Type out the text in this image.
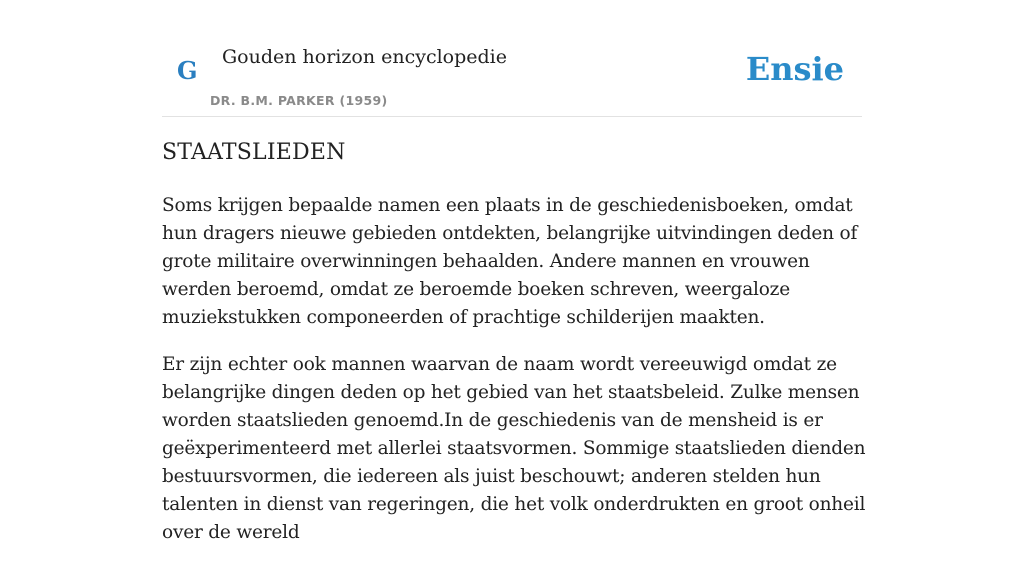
G Gouden horizon encyclopedie
DR. B.M. PARKER (1959)
Ensie
STAATSLIEDEN

Soms krijgen bepaalde namen een plaats in de geschiedenisboeken, omdat hun dragers nieuwe gebieden ontdekten, belangrijke uitvindingen deden of grote militaire overwinningen behaalden. Andere mannen en vrouwen werden beroemd, omdat ze beroemde boeken schreven, weergaloze muziekstukken componeerden of prachtige schilderijen maakten.

Er zijn echter ook mannen waarvan de naam wordt vereeuwigd omdat ze belangrijke dingen deden op het gebied van het staatsbeleid. Zulke mensen worden staatslieden genoemd.In de geschiedenis van de mensheid is er geëxperimenteerd met allerlei staatsvormen. Sommige staatslieden dienden bestuursvormen, die iedereen als juist beschouwt; anderen stelden hun talenten in dienst van regeringen, die het volk onderdrukten en groot onheil over de wereld
